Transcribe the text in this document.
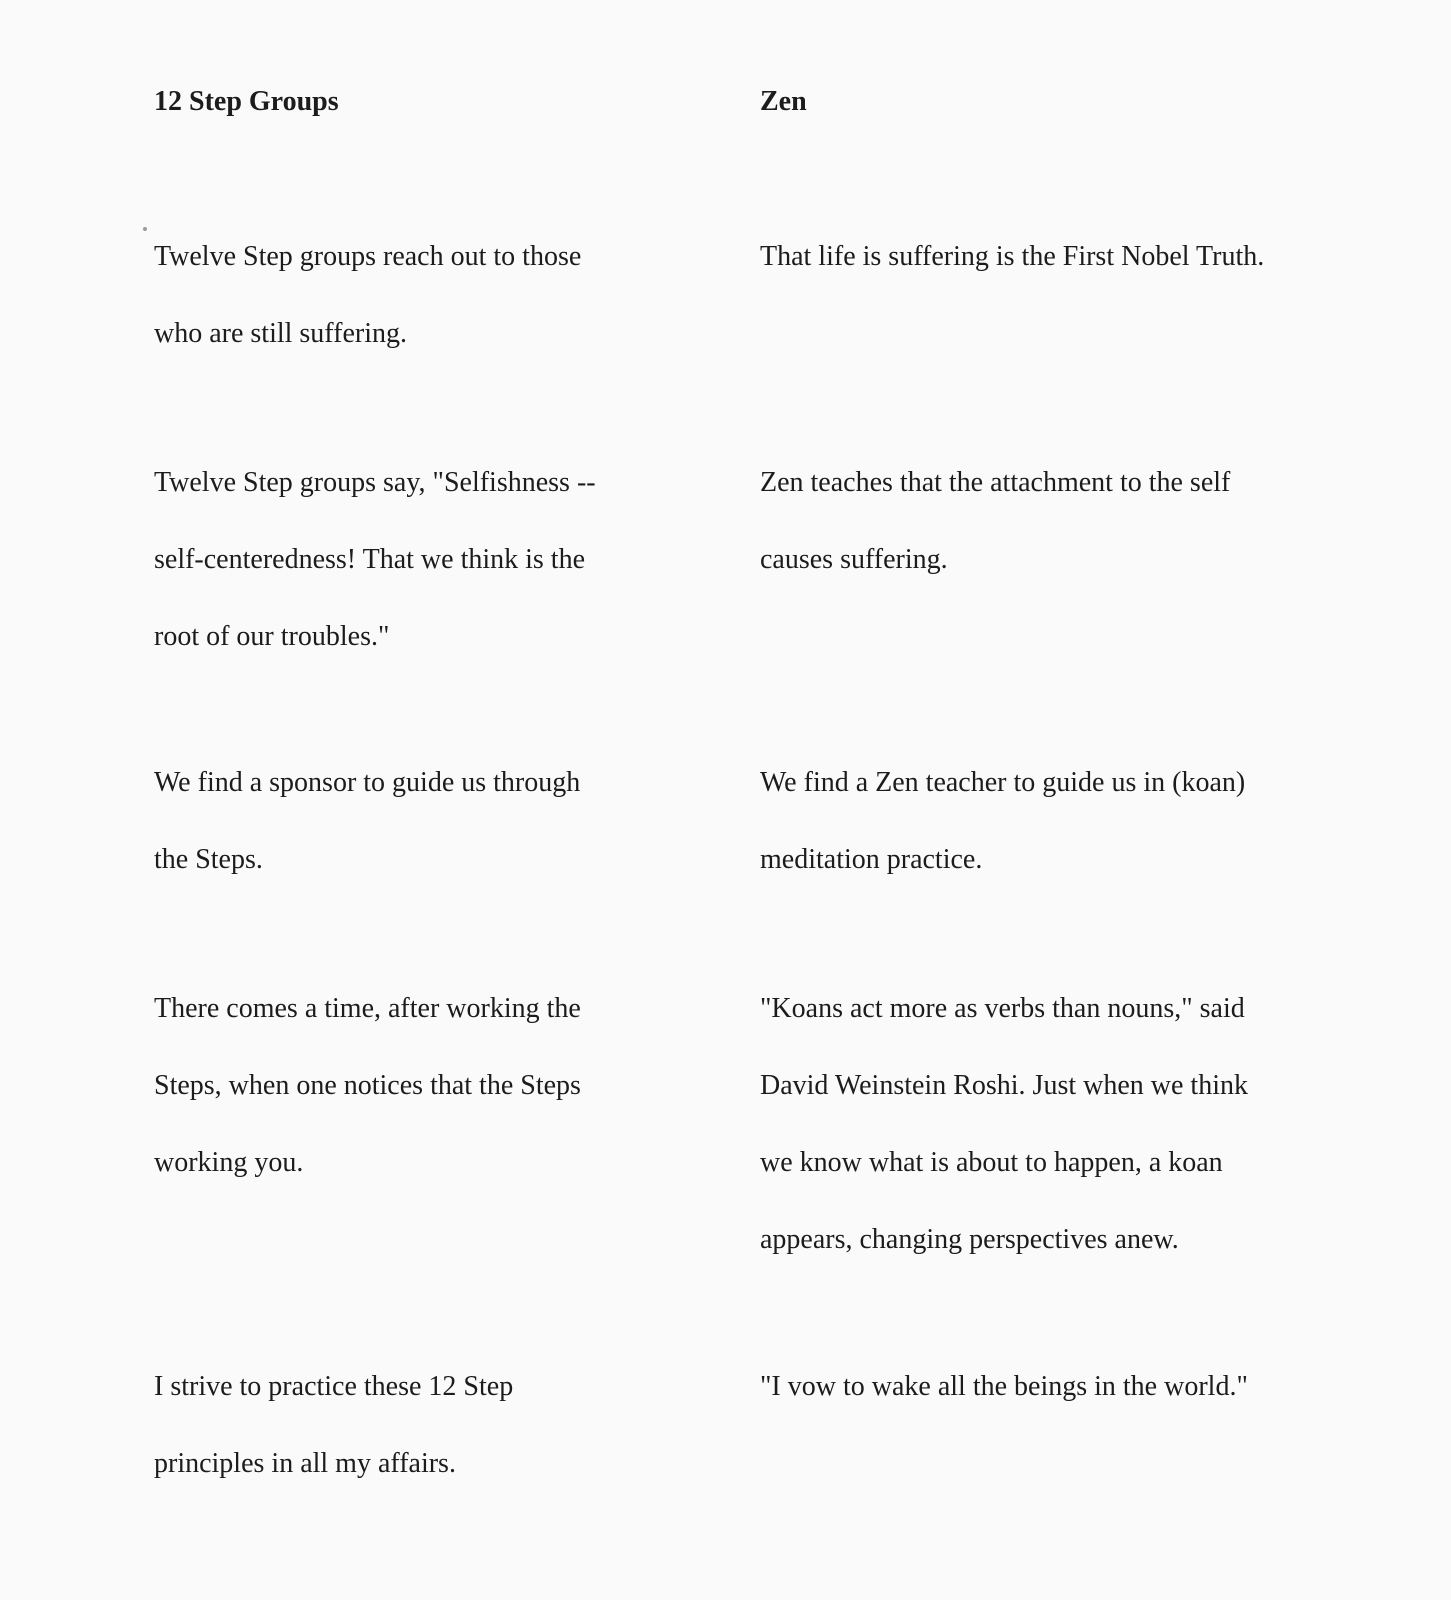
12 Step Groups

Twelve Step groups reach out to those
who are still suffering.

Twelve Step groups say, "Selfishness --
self-centeredness! That we think is the
root of our troubles."

We find a sponsor to guide us through
the Steps.

There comes a time, after working the
Steps, when one notices that the Steps
working you.

I strive to practice these 12 Step
principles in all my affairs.

Zen

That life is suffering is the First Nobel Truth.

Zen teaches that the attachment to the self
causes suffering.

We find a Zen teacher to guide us in (koan)
meditation practice.

"Koans act more as verbs than nouns," said
David Weinstein Roshi. Just when we think
we know what is about to happen, a koan
appears, changing perspectives anew.

"I vow to wake all the beings in the world."
